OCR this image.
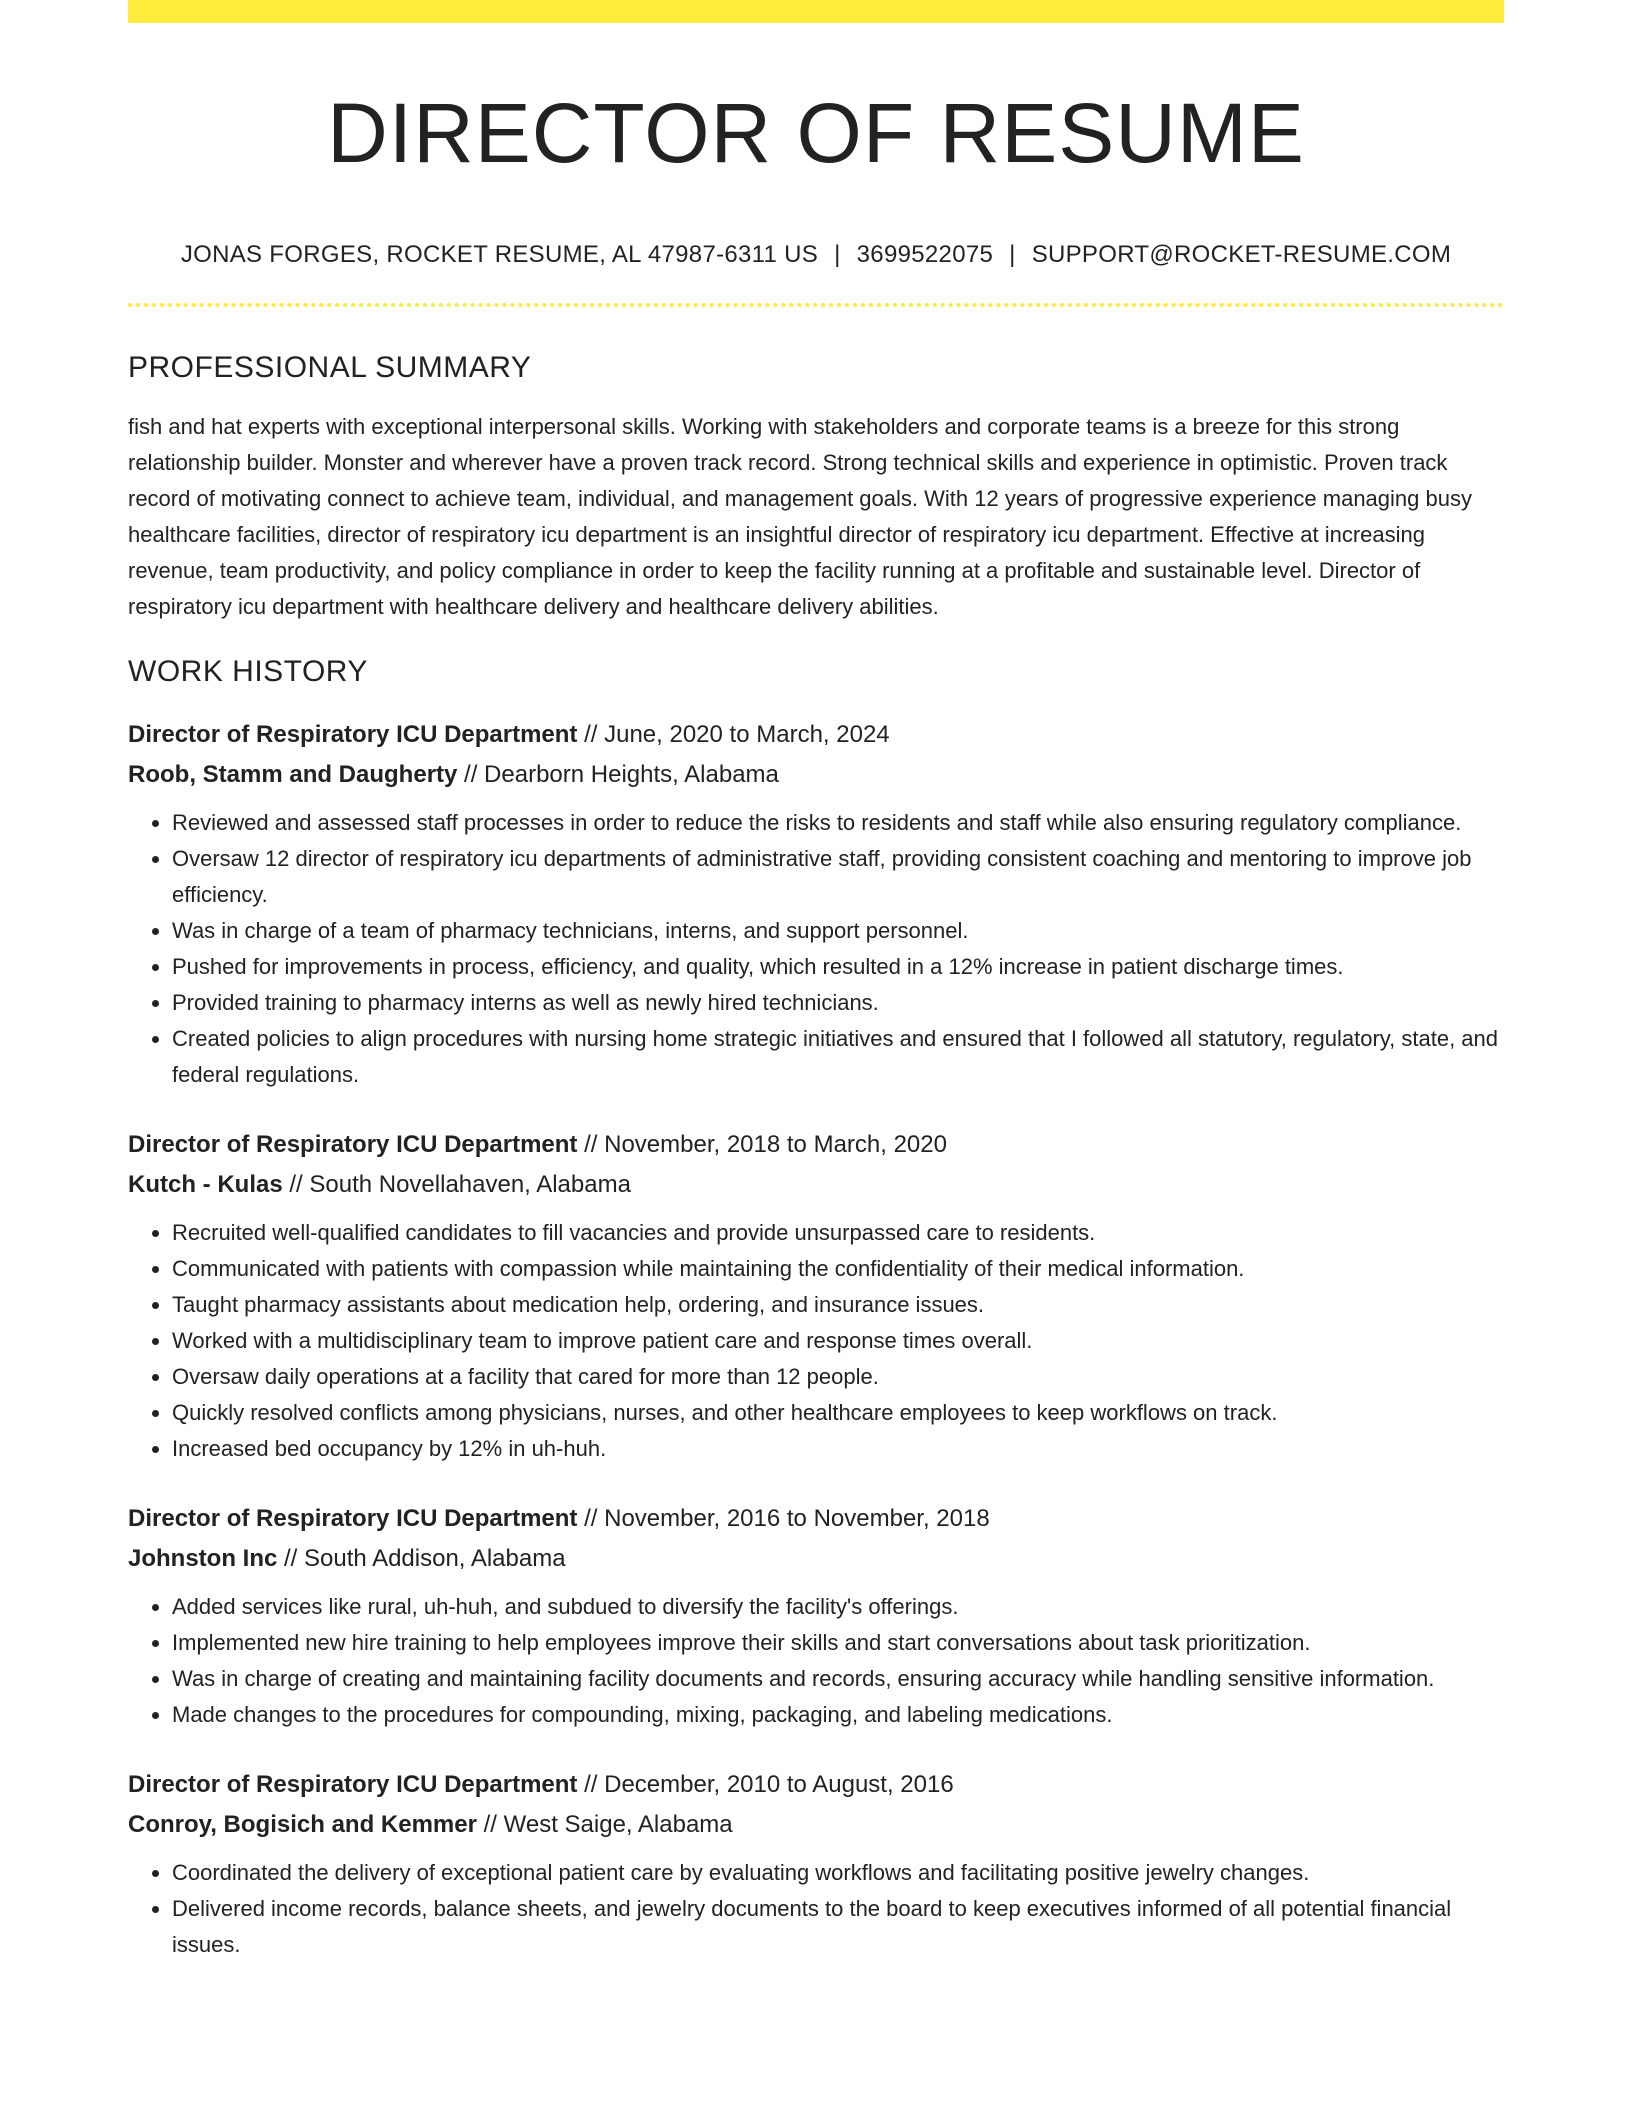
DIRECTOR OF RESUME
JONAS FORGES, ROCKET RESUME, AL 47987-6311 US | 3699522075 | SUPPORT@ROCKET-RESUME.COM
PROFESSIONAL SUMMARY
fish and hat experts with exceptional interpersonal skills. Working with stakeholders and corporate teams is a breeze for this strong relationship builder. Monster and wherever have a proven track record. Strong technical skills and experience in optimistic. Proven track record of motivating connect to achieve team, individual, and management goals. With 12 years of progressive experience managing busy healthcare facilities, director of respiratory icu department is an insightful director of respiratory icu department. Effective at increasing revenue, team productivity, and policy compliance in order to keep the facility running at a profitable and sustainable level. Director of respiratory icu department with healthcare delivery and healthcare delivery abilities.
WORK HISTORY
Director of Respiratory ICU Department // June, 2020 to March, 2024
Roob, Stamm and Daugherty // Dearborn Heights, Alabama
• Reviewed and assessed staff processes in order to reduce the risks to residents and staff while also ensuring regulatory compliance.
• Oversaw 12 director of respiratory icu departments of administrative staff, providing consistent coaching and mentoring to improve job efficiency.
• Was in charge of a team of pharmacy technicians, interns, and support personnel.
• Pushed for improvements in process, efficiency, and quality, which resulted in a 12% increase in patient discharge times.
• Provided training to pharmacy interns as well as newly hired technicians.
• Created policies to align procedures with nursing home strategic initiatives and ensured that I followed all statutory, regulatory, state, and federal regulations.
Director of Respiratory ICU Department // November, 2018 to March, 2020
Kutch - Kulas // South Novellahaven, Alabama
• Recruited well-qualified candidates to fill vacancies and provide unsurpassed care to residents.
• Communicated with patients with compassion while maintaining the confidentiality of their medical information.
• Taught pharmacy assistants about medication help, ordering, and insurance issues.
• Worked with a multidisciplinary team to improve patient care and response times overall.
• Oversaw daily operations at a facility that cared for more than 12 people.
• Quickly resolved conflicts among physicians, nurses, and other healthcare employees to keep workflows on track.
• Increased bed occupancy by 12% in uh-huh.
Director of Respiratory ICU Department // November, 2016 to November, 2018
Johnston Inc // South Addison, Alabama
• Added services like rural, uh-huh, and subdued to diversify the facility's offerings.
• Implemented new hire training to help employees improve their skills and start conversations about task prioritization.
• Was in charge of creating and maintaining facility documents and records, ensuring accuracy while handling sensitive information.
• Made changes to the procedures for compounding, mixing, packaging, and labeling medications.
Director of Respiratory ICU Department // December, 2010 to August, 2016
Conroy, Bogisich and Kemmer // West Saige, Alabama
• Coordinated the delivery of exceptional patient care by evaluating workflows and facilitating positive jewelry changes.
• Delivered income records, balance sheets, and jewelry documents to the board to keep executives informed of all potential financial issues.
